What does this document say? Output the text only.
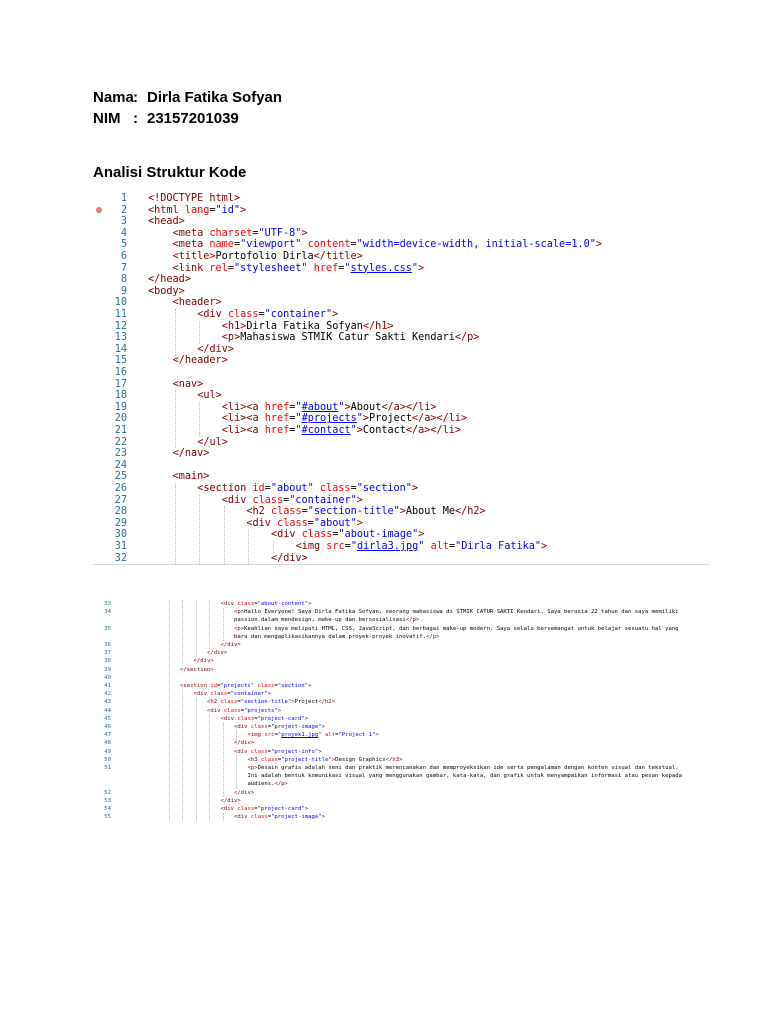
Nama : Dirla Fatika Sofyan
NIM : 23157201039
Analisi Struktur Kode
1 <!DOCTYPE html>
2 <html lang="id">
3 <head>
4	<meta charset="UTF-8">
5	<meta name="viewport" content="width=device-width, initial-scale=1.0">
6	<title>Portofolio Dirla</title>
7	<link rel="stylesheet" href="styles.css">
8 </head>
9 <body>
10	<header>
11	<div class="container">
12	<h1>Dirla Fatika Sofyan</h1>
13	<p>Mahasiswa STMIK Catur Sakti Kendari</p>
14	</div>
15	</header>
16
17	<nav>
18	<ul>
19	<li><a href="#about">About</a></li>
20	<li><a href="#projects">Project</a></li>
21	<li><a href="#contact">Contact</a></li>
22	</ul>
23	</nav>
24
25	<main>
26	<section id="about" class="section">
27	<div class="container">
28	<h2 class="section-title">About Me</h2>
29	<div class="about">
30	<div class="about-image">
31	<img src="dirla3.jpg" alt="Dirla Fatika">
32	</div>
33	<div class="about-content">
34	<p>Hallo Everyone! Saya Dirla Fatika Sofyan, seorang mahasiswa di STMIK CATUR SAKTI Kendari. Saya berusia 22 tahun dan saya memiliki
passion dalam mendesign, make-up dan bersosialisasi</p>
35	<p>Keahlian saya meliputi HTML, CSS, JavaScript, dan berbagai make-up modern. Saya selalu bersemangat untuk belajar sesuatu hal yang
baru dan mengaplikasikannya dalam proyek-proyek inovatif.</p>
36	</div>
37	</div>
38	</div>
39	</section>
40
41	<section id="projects" class="section">
42	<div class="container">
43	<h2 class="section-title">Project</h2>
44	<div class="projects">
45	<div class="project-card">
46	<div class="project-image">
47	<img src="proyek1.jpg" alt="Project 1">
48	</div>
49	<div class="project-info">
50	<h3 class="project-title">Design Graphics</h3>
51	<p>Desain grafis adalah seni dan praktik merencanakan dan memproyeksikan ide serta pengalaman dengan konten visual dan tekstual.
Ini adalah bentuk komunikasi visual yang menggunakan gambar, kata-kata, dan grafik untuk menyampaikan informasi atau pesan kepada
audiens.</p>
52	</div>
53	</div>
54	<div class="project-card">
55	<div class="project-image">
